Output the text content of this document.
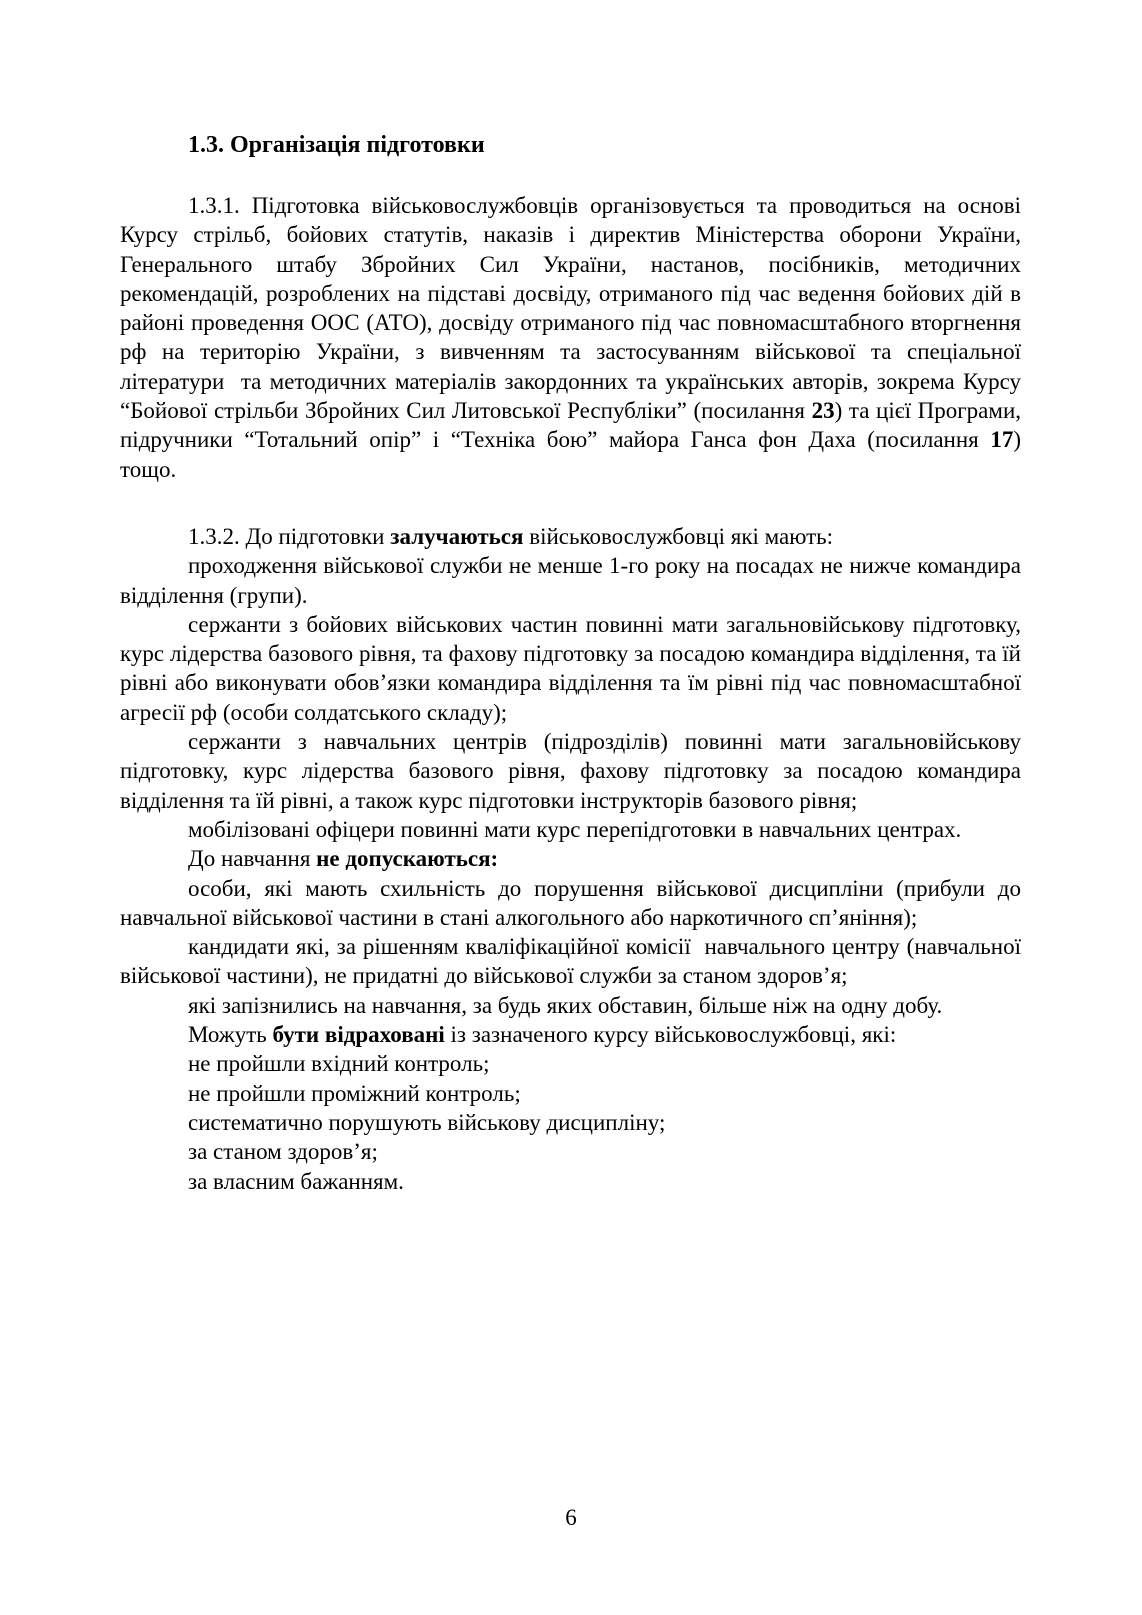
1.3. Організація підготовки

1.3.1. Підготовка військовослужбовців організовується та проводиться на основі Курсу стрільб, бойових статутів, наказів і директив Міністерства оборони України, Генерального штабу Збройних Сил України, настанов, посібників, методичних рекомендацій, розроблених на підставі досвіду, отриманого під час ведення бойових дій в районі проведення ООС (АТО), досвіду отриманого під час повномасштабного вторгнення рф на територію України, з вивченням та застосуванням військової та спеціальної літератури  та методичних матеріалів закордонних та українських авторів, зокрема Курсу “Бойової стрільби Збройних Сил Литовської Республіки” (посилання 23) та цієї Програми, підручники “Тотальний опір” і “Техніка бою” майора Ганса фон Даха (посилання 17)  тощо.

1.3.2. До підготовки залучаються військовослужбовці які мають:

проходження військової служби не менше 1-го року на посадах не нижче командира відділення (групи).

сержанти з бойових військових частин повинні мати загальновійськову підготовку, курс лідерства базового рівня, та фахову підготовку за посадою командира відділення, та їй рівні або виконувати обов’язки командира відділення та їм рівні під час повномасштабної агресії рф (особи солдатського складу);

сержанти з навчальних центрів (підрозділів) повинні мати загальновійськову підготовку, курс лідерства базового рівня, фахову підготовку за посадою командира відділення та їй рівні, а також курс підготовки інструкторів базового рівня;

мобілізовані офіцери повинні мати курс перепідготовки в навчальних центрах.

До навчання не допускаються:

особи, які мають схильність до порушення військової дисципліни (прибули до навчальної військової частини в стані алкогольного або наркотичного сп’яніння);

кандидати які, за рішенням кваліфікаційної комісії  навчального центру (навчальної військової частини), не придатні до військової служби за станом здоров’я;

які запізнились на навчання, за будь яких обставин, більше ніж на одну добу.

Можуть бути відраховані із зазначеного курсу військовослужбовці, які:

не пройшли вхідний контроль;

не пройшли проміжний контроль;

систематично порушують військову дисципліну;

за станом здоров’я;

за власним бажанням.

6
